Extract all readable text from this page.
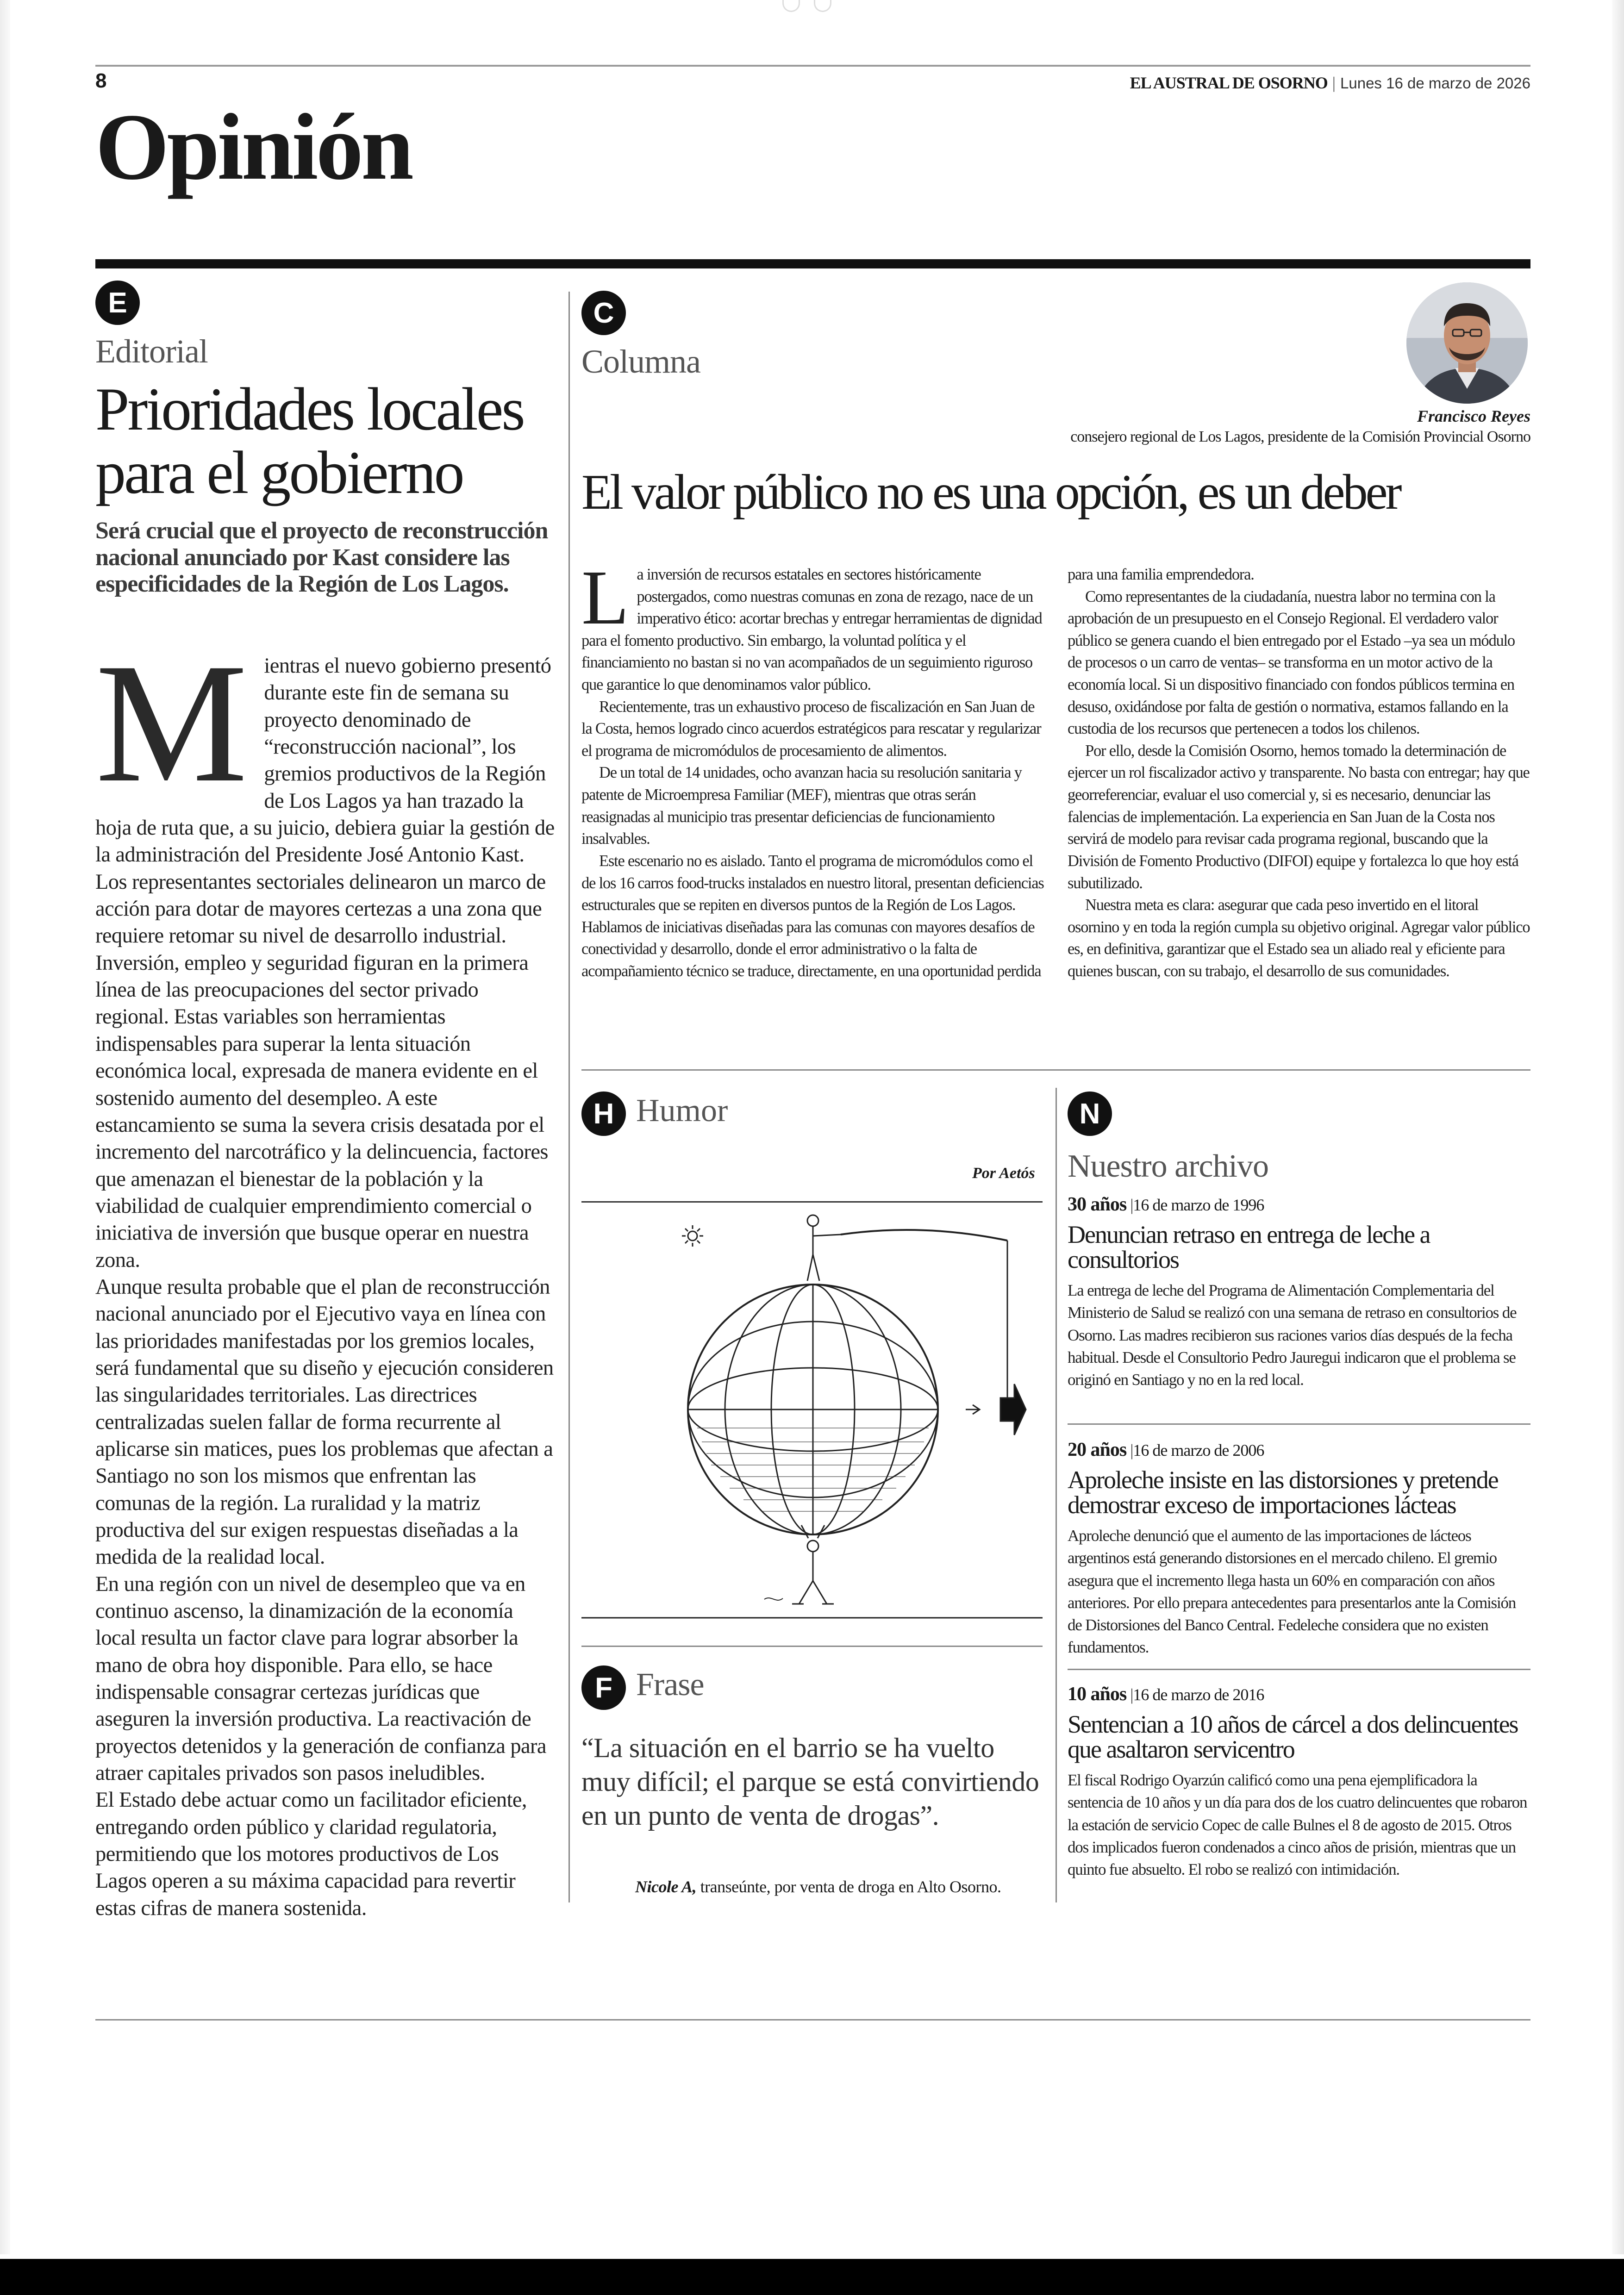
8	EL AUSTRAL DE OSORNO | Lunes 16 de marzo de 2026
Opinión
E
Editorial
Prioridades locales para el gobierno
Será crucial que el proyecto de reconstrucción nacional anunciado por Kast considere las especificidades de la Región de Los Lagos.
M ientras el nuevo gobierno presentó durante este fin de semana su proyecto denominado de “reconstrucción nacional”, los gremios productivos de la Región de Los Lagos ya han trazado la hoja de ruta que, a su juicio, debiera guiar la gestión de la administración del Presidente José Antonio Kast. Los representantes sectoriales delinearon un marco de acción para dotar de mayores certezas a una zona que requiere retomar su nivel de desarrollo industrial.

Inversión, empleo y seguridad figuran en la primera línea de las preocupaciones del sector privado regional. Estas variables son herramientas indispensables para superar la lenta situación económica local, expresada de manera evidente en el sostenido aumento del desempleo. A este estancamiento se suma la severa crisis desatada por el incremento del narcotráfico y la delincuencia, factores que amenazan el bienestar de la población y la viabilidad de cualquier emprendimiento comercial o iniciativa de inversión que busque operar en nuestra zona.

Aunque resulta probable que el plan de reconstrucción nacional anunciado por el Ejecutivo vaya en línea con las prioridades manifestadas por los gremios locales, será fundamental que su diseño y ejecución consideren las singularidades territoriales. Las directrices centralizadas suelen fallar de forma recurrente al aplicarse sin matices, pues los problemas que afectan a Santiago no son los mismos que enfrentan las comunas de la región. La ruralidad y la matriz productiva del sur exigen respuestas diseñadas a la medida de la realidad local.

En una región con un nivel de desempleo que va en continuo ascenso, la dinamización de la economía local resulta un factor clave para lograr absorber la mano de obra hoy disponible. Para ello, se hace indispensable consagrar certezas jurídicas que aseguren la inversión productiva. La reactivación de proyectos detenidos y la generación de confianza para atraer capitales privados son pasos ineludibles.

El Estado debe actuar como un facilitador eficiente, entregando orden público y claridad regulatoria, permitiendo que los motores productivos de Los Lagos operen a su máxima capacidad para revertir estas cifras de manera sostenida.

C
Columna
Francisco Reyes
consejero regional de Los Lagos, presidente de la Comisión Provincial Osorno
El valor público no es una opción, es un deber
L a inversión de recursos estatales en sectores históricamente postergados, como nuestras comunas en zona de rezago, nace de un imperativo ético: acortar brechas y entregar herramientas de dignidad para el fomento productivo. Sin embargo, la voluntad política y el financiamiento no bastan si no van acompañados de un seguimiento riguroso que garantice lo que denominamos valor público.

Recientemente, tras un exhaustivo proceso de fiscalización en San Juan de la Costa, hemos logrado cinco acuerdos estratégicos para rescatar y regularizar el programa de micromódulos de procesamiento de alimentos.

De un total de 14 unidades, ocho avanzan hacia su resolución sanitaria y patente de Microempresa Familiar (MEF), mientras que otras serán reasignadas al municipio tras presentar deficiencias de funcionamiento insalvables.

Este escenario no es aislado. Tanto el programa de micromódulos como el de los 16 carros food-trucks instalados en nuestro litoral, presentan deficiencias estructurales que se repiten en diversos puntos de la Región de Los Lagos. Hablamos de iniciativas diseñadas para las comunas con mayores desafíos de conectividad y desarrollo, donde el error administrativo o la falta de acompañamiento técnico se traduce, directamente, en una oportunidad perdida

para una familia emprendedora.

Como representantes de la ciudadanía, nuestra labor no termina con la aprobación de un presupuesto en el Consejo Regional. El verdadero valor público se genera cuando el bien entregado por el Estado –ya sea un módulo de procesos o un carro de ventas– se transforma en un motor activo de la economía local. Si un dispositivo financiado con fondos públicos termina en desuso, oxidándose por falta de gestión o normativa, estamos fallando en la custodia de los recursos que pertenecen a todos los chilenos.

Por ello, desde la Comisión Osorno, hemos tomado la determinación de ejercer un rol fiscalizador activo y transparente. No basta con entregar; hay que georreferenciar, evaluar el uso comercial y, si es necesario, denunciar las falencias de implementación. La experiencia en San Juan de la Costa nos servirá de modelo para revisar cada programa regional, buscando que la División de Fomento Productivo (DIFOI) equipe y fortalezca lo que hoy está subutilizado.

Nuestra meta es clara: asegurar que cada peso invertido en el litoral osornino y en toda la región cumpla su objetivo original. Agregar valor público es, en definitiva, garantizar que el Estado sea un aliado real y eficiente para quienes buscan, con su trabajo, el desarrollo de sus comunidades.

H Humor
Por Aetós
F Frase
“La situación en el barrio se ha vuelto muy difícil; el parque se está convirtiendo en un punto de venta de drogas”.
Nicole A, transeúnte, por venta de droga en Alto Osorno.
N
Nuestro archivo
30 años |16 de marzo de 1996
Denuncian retraso en entrega de leche a consultorios
La entrega de leche del Programa de Alimentación Complementaria del Ministerio de Salud se realizó con una semana de retraso en consultorios de Osorno. Las madres recibieron sus raciones varios días después de la fecha habitual. Desde el Consultorio Pedro Jauregui indicaron que el problema se originó en Santiago y no en la red local.
20 años |16 de marzo de 2006
Aproleche insiste en las distorsiones y pretende demostrar exceso de importaciones lácteas
Aproleche denunció que el aumento de las importaciones de lácteos argentinos está generando distorsiones en el mercado chileno. El gremio asegura que el incremento llega hasta un 60% en comparación con años anteriores. Por ello prepara antecedentes para presentarlos ante la Comisión de Distorsiones del Banco Central. Fedeleche considera que no existen fundamentos.
10 años |16 de marzo de 2016
Sentencian a 10 años de cárcel a dos delincuentes que asaltaron servicentro
El fiscal Rodrigo Oyarzún calificó como una pena ejemplificadora la sentencia de 10 años y un día para dos de los cuatro delincuentes que robaron la estación de servicio Copec de calle Bulnes el 8 de agosto de 2015. Otros dos implicados fueron condenados a cinco años de prisión, mientras que un quinto fue absuelto. El robo se realizó con intimidación.
